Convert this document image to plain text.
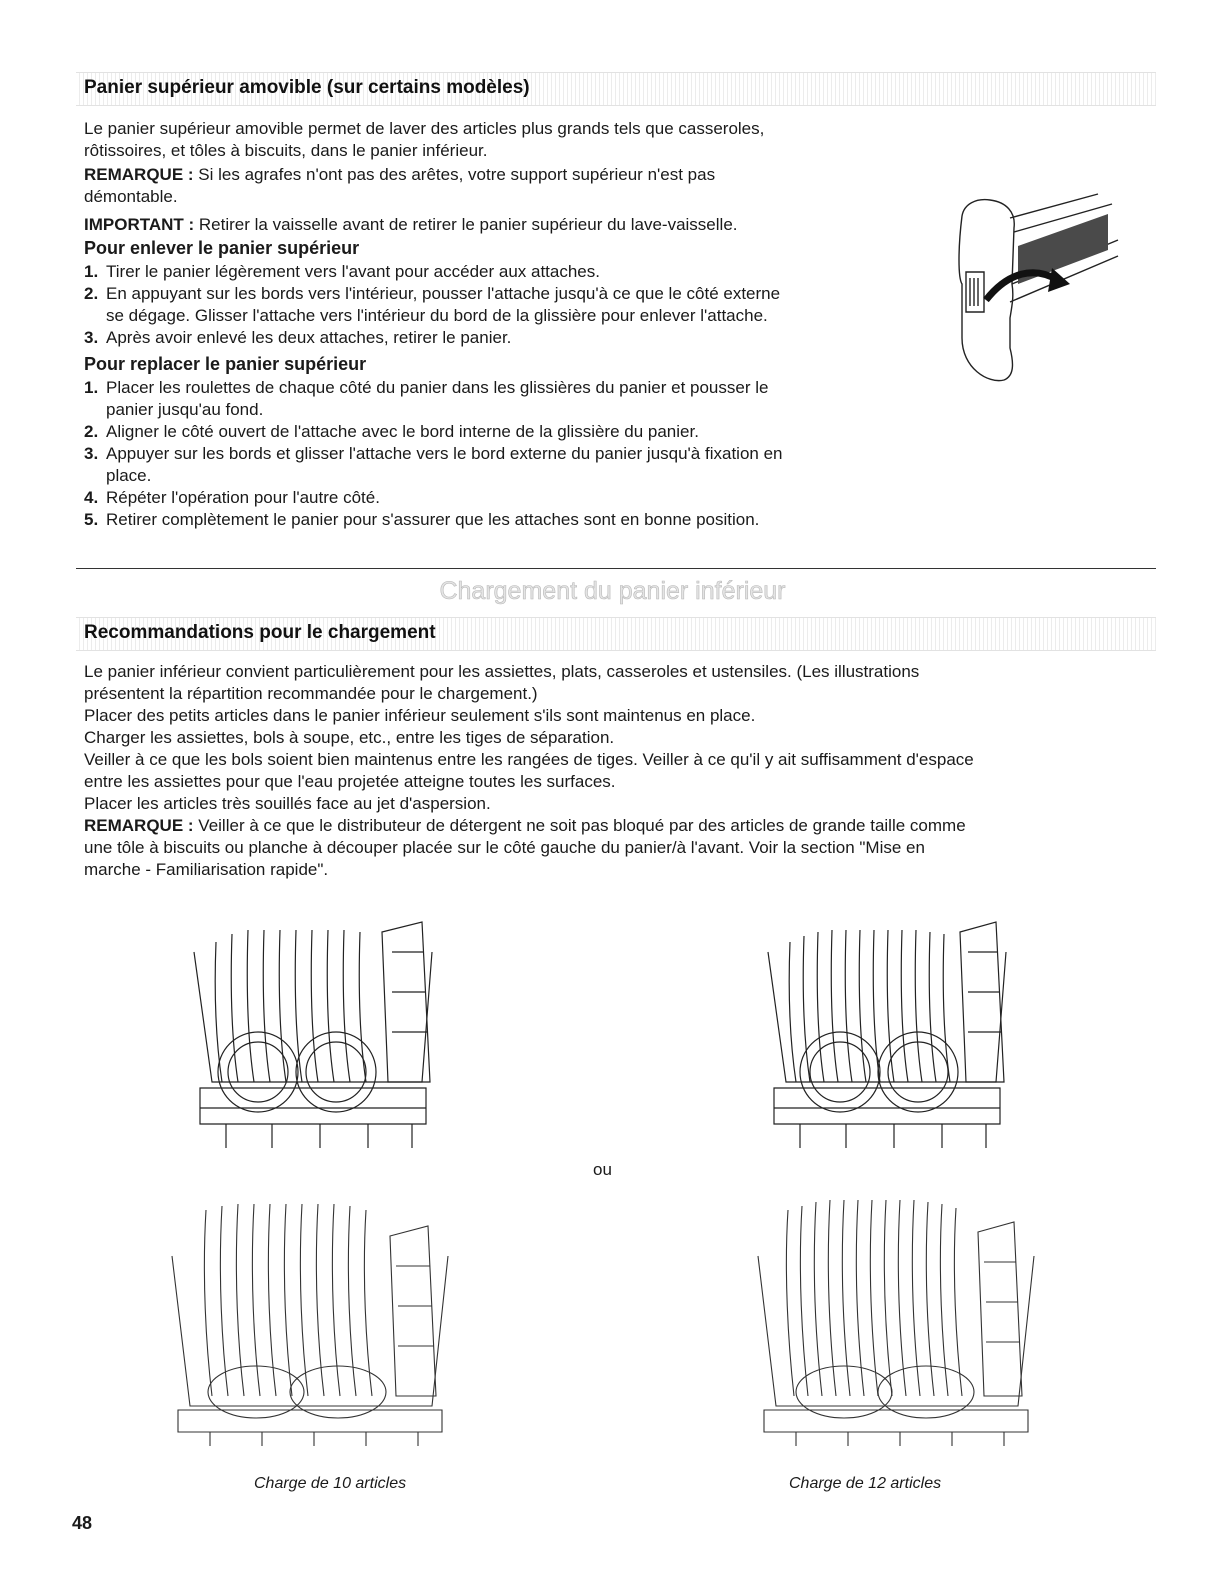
Panier supérieur amovible (sur certains modèles)

Le panier supérieur amovible permet de laver des articles plus grands tels que casseroles,
rôtissoires, et tôles à biscuits, dans le panier inférieur.

REMARQUE : Si les agrafes n'ont pas des arêtes, votre support supérieur n'est pas
démontable.

IMPORTANT : Retirer la vaisselle avant de retirer le panier supérieur du lave-vaisselle.

Pour enlever le panier supérieur

1. Tirer le panier légèrement vers l'avant pour accéder aux attaches.
2. En appuyant sur les bords vers l'intérieur, pousser l'attache jusqu'à ce que le côté externe
se dégage. Glisser l'attache vers l'intérieur du bord de la glissière pour enlever l'attache.
3. Après avoir enlevé les deux attaches, retirer le panier.

Pour replacer le panier supérieur

1. Placer les roulettes de chaque côté du panier dans les glissières du panier et pousser le
panier jusqu'au fond.
2. Aligner le côté ouvert de l'attache avec le bord interne de la glissière du panier.
3. Appuyer sur les bords et glisser l'attache vers le bord externe du panier jusqu'à fixation en
place.
4. Répéter l'opération pour l'autre côté.
5. Retirer complètement le panier pour s'assurer que les attaches sont en bonne position.
Chargement du panier inférieur
Recommandations pour le chargement

Le panier inférieur convient particulièrement pour les assiettes, plats, casseroles et ustensiles. (Les illustrations
présentent la répartition recommandée pour le chargement.)
Placer des petits articles dans le panier inférieur seulement s'ils sont maintenus en place.
Charger les assiettes, bols à soupe, etc., entre les tiges de séparation.
Veiller à ce que les bols soient bien maintenus entre les rangées de tiges. Veiller à ce qu'il y ait suffisamment d'espace
entre les assiettes pour que l'eau projetée atteigne toutes les surfaces.
Placer les articles très souillés face au jet d'aspersion.
REMARQUE : Veiller à ce que le distributeur de détergent ne soit pas bloqué par des articles de grande taille comme
une tôle à biscuits ou planche à découper placée sur le côté gauche du panier/à l'avant. Voir la section "Mise en
marche - Familiarisation rapide".

ou
Charge de 10 articles	Charge de 12 articles
48
